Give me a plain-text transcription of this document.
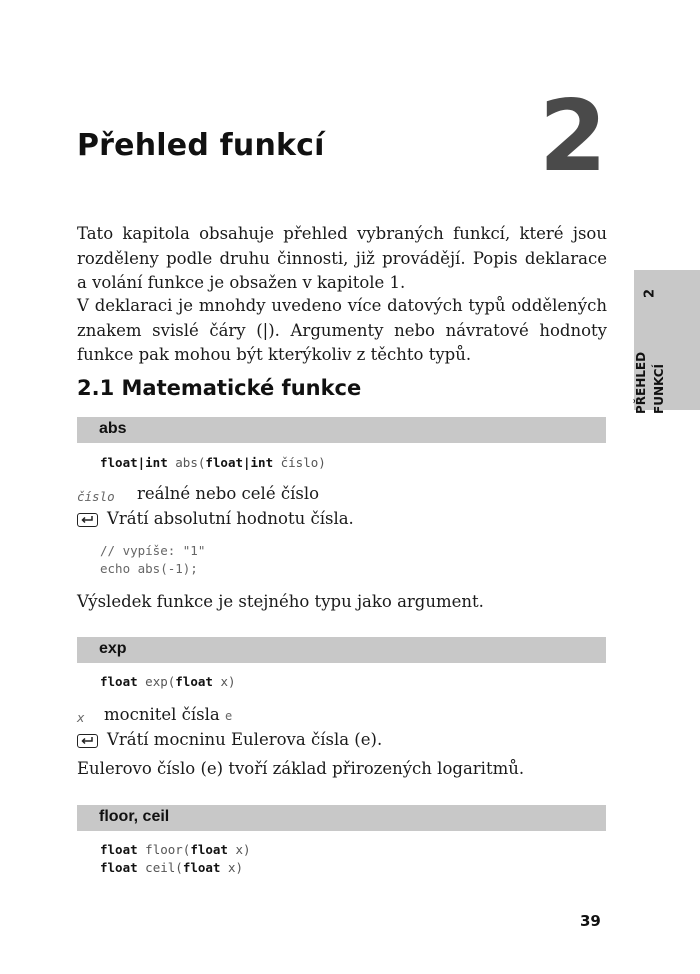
Přehled funkcí 2
2
PŘEHLED FUNKCÍ
Tato kapitola obsahuje přehled vybraných funkcí, které jsou rozděleny podle druhu činnosti, již provádějí. Popis deklarace a volání funkce je obsažen v kapitole 1.
V deklaraci je mnohdy uvedeno více datových typů oddělených znakem svislé čáry (|). Argumenty nebo návratové hodnoty funkce pak mohou být kterýkoliv z těchto typů.
2.1 Matematické funkce
abs
float|int abs(float|int číslo)
číslo reálné nebo celé číslo
Vrátí absolutní hodnotu čísla.
// vypíše: "1"
echo abs(-1);
Výsledek funkce je stejného typu jako argument.
exp
float exp(float x)
x mocnitel čísla e
Vrátí mocninu Eulerova čísla (e).
Eulerovo číslo (e) tvoří základ přirozených logaritmů.
floor, ceil
float floor(float x)
float ceil(float x)
39
